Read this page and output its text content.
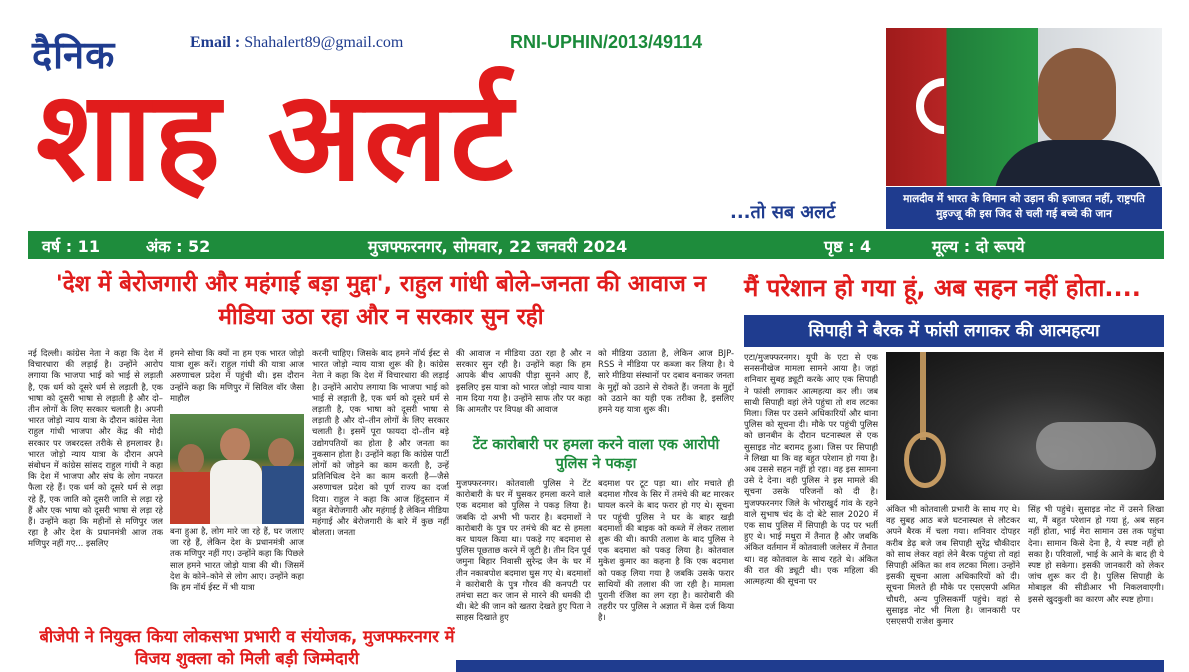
दैनिक	Email : Shahalert89@gmail.com	RNI-UPHIN/2013/49114
शाह अलर्ट
...तो सब अलर्ट
मालदीव में भारत के विमान को उड़ान की इजाजत नहीं, राष्ट्रपति मुइज्जू की इस जिद से चली गई बच्चे की जान
वर्ष : 11	अंक : 52	मुजफ्फरनगर, सोमवार, 22 जनवरी 2024	पृष्ठ : 4	मूल्य : दो रूपये
'देश में बेरोजगारी और महंगाई बड़ा मुद्दा', राहुल गांधी बोले–जनता की आवाज न मीडिया उठा रहा और न सरकार सुन रही
नई दिल्ली। कांग्रेस नेता ने कहा कि देश में विचारधारा की लड़ाई है। उन्होंने आरोप लगाया कि भाजपा भाई को भाई से लड़ाती है, एक धर्म को दूसरे धर्म से लड़ाती है, एक भाषा को दूसरी भाषा से लड़ाती है और दो–तीन लोगों के लिए सरकार चलाती है। अपनी भारत जोड़ो न्याय यात्रा के दौरान कांग्रेस नेता राहुल गांधी भाजपा और केंद्र की मोदी सरकार पर जबरदस्त तरीके से हमलावर है। भारत जोड़ो न्याय यात्रा के दौरान अपने संबोधन में कांग्रेस सांसद राहुल गांधी ने कहा कि देश में भाजपा और संघ के लोग नफरत फैला रहे हैं। एक धर्म को दूसरे धर्म से लड़ा रहे हैं, एक जाति को दूसरी जाति से लड़ा रहे हैं और एक भाषा को दूसरी भाषा से लड़ा रहे हैं। उन्होंने कहा कि महीनों से मणिपुर जल रहा है और देश के प्रधानमंत्री आज तक मणिपुर नहीं गए... इसलिए
हमने सोचा कि क्यों ना हम एक भारत जोड़ो यात्रा शुरू करें। राहुल गांधी की यात्रा आज अरुणाचल प्रदेश में पहुंची थी। इस दौरान उन्होंने कहा कि मणिपुर में सिविल वॉर जैसा माहौल
बना हुआ है, लोग मारे जा रहे हैं, घर जलाए जा रहे हैं, लेकिन देश के प्रधानमंत्री आज तक मणिपुर नहीं गए। उन्होंने कहा कि पिछले साल हमने भारत जोड़ो यात्रा की थी। जिसमें देश के कोने–कोने से लोग आए। उन्होंने कहा कि हम नॉर्थ ईस्ट में भी यात्रा
करनी चाहिए। जिसके बाद हमने नॉर्थ ईस्ट से भारत जोड़ो न्याय यात्रा शुरू की है। कांग्रेस नेता ने कहा कि देश में विचारधारा की लड़ाई है। उन्होंने आरोप लगाया कि भाजपा भाई को भाई से लड़ाती है, एक धर्म को दूसरे धर्म से लड़ाती है, एक भाषा को दूसरी भाषा से लड़ाती है और दो–तीन लोगों के लिए सरकार चलाती है। इसमें पूरा फायदा दो–तीन बड़े उद्योगपतियों का होता है और जनता का नुकसान होता है। उन्होंने कहा कि कांग्रेस पार्टी लोगों को जोड़ने का काम करती है, उन्हें प्रतिनिधित्व देने का काम करती है—जैसे अरुणाचल प्रदेश को पूर्ण राज्य का दर्जा दिया। राहुल ने कहा कि आज हिंदुस्तान में बहुत बेरोजगारी और महंगाई है लेकिन मीडिया महंगाई और बेरोजगारी के बारे में कुछ नहीं बोलता। जनता
की आवाज न मीडिया उठा रहा है और न सरकार सुन रही है। उन्होंने कहा कि हम आपके बीच आपकी पीड़ा सुनने आए हैं, इसलिए इस यात्रा को भारत जोड़ो न्याय यात्रा नाम दिया गया है। उन्होंने साफ तौर पर कहा कि आमतौर पर विपक्ष की आवाज
को मीडिया उठाता है, लेकिन आज BJP-RSS ने मीडिया पर कब्जा कर लिया है। ये सारे मीडिया संस्थानों पर दबाव बनाकर जनता के मुद्दों को उठाने से रोकते हैं। जनता के मुद्दों को उठाने का यही एक तरीका है, इसलिए हमने यह यात्रा शुरू की।
टेंट कारोबारी पर हमला करने वाला एक आरोपी पुलिस ने पकड़ा
मुजफ्फरनगर। कोतवाली पुलिस ने टेंट कारोबारी के घर में घुसकर हमला करने वाले एक बदमाश को पुलिस ने पकड़ लिया है। जबकि दो अभी भी फरार है। बदमाशों ने कारोबारी के पुत्र पर तमंचे की बट से हमला कर घायल किया था। पकड़े गए बदमाश से पुलिस पूछताछ करने में जुटी है। तीन दिन पूर्व जमुना बिहार निवासी सुरेन्द्र जैन के घर में तीन नकाबपोश बदमाश घुस गए थे। बदमाशों ने कारोबारी के पुत्र गौरव की कनपटी पर तमंचा सटा कर जान से मारने की धमकी दी थी। बेटे की जान को खतरा देखते हुए पिता ने साहस दिखाते हुए
बदमाश पर टूट पड़ा था। शोर मचाते ही बदमाश गौरव के सिर में तमंचे की बट मारकर घायल करने के बाद फरार हो गए थे। सूचना पर पहुंची पुलिस ने घर के बाहर खड़ी बदमाशों की बाइक को कब्जे में लेकर तलाश शुरू की थी। काफी तलाश के बाद पुलिस ने एक बदमाश को पकड़ लिया है। कोतवाल मुकेश कुमार का कहना है कि एक बदमाश को पकड़ लिया गया है जबकि उसके फरार साथियों की तलाश की जा रही है। मामला पुरानी रंजिश का लग रहा है। कारोबारी की तहरीर पर पुलिस ने अज्ञात में केस दर्ज किया है।
बीजेपी ने नियुक्त किया लोकसभा प्रभारी व संयोजक, मुजफ्फरनगर में विजय शुक्ला को मिली बड़ी जिम्मेदारी
मैं परेशान हो गया हूं, अब सहन नहीं होता....
सिपाही ने बैरक में फांसी लगाकर की आत्महत्या
एटा/मुजफ्फरनगर। यूपी के एटा से एक सनसनीखेज मामला सामने आया है। जहां शनिवार सुबह ड्यूटी करके आए एक सिपाही ने फांसी लगाकर आत्महत्या कर ली। जब साथी सिपाही वहां लेने पहुंचा तो शव लटका मिला। जिस पर उसने अधिकारियों और थाना पुलिस को सूचना दी। मौके पर पहुंची पुलिस को छानबीन के दौरान घटनास्थल से एक सुसाइड नोट बरामद हुआ। जिस पर सिपाही ने लिखा था कि वह बहुत परेशान हो गया है। अब उससे सहन नहीं हो रहा। वह इस सामना उसे दे देना। वही पुलिस ने इस मामले की सूचना उसके परिजनों को दी है। मुजफ्फरनगर जिले के भोराखुर्द गांव के रहने वाले सुभाष चंद के दो बेटे साल 2020 में एक साथ पुलिस में सिपाही के पद पर भर्ती हुए थे। भाई मथुरा में तैनात है और जबकि अंकित वर्तमान में कोतवाली जलेसर में तैनात था। वह कोतवाल के साथ रहते थे। अंकित की रात की ड्यूटी थी। एक महिला की आत्महत्या की सूचना पर
अंकित भी कोतवाली प्रभारी के साथ गए थे। वह सुबह आठ बजे घटनास्थल से लौटकर अपने बैरक में चला गया। शनिवार दोपहर करीब डेढ़ बजे जब सिपाही सुरेंद्र चौकीदार को साथ लेकर वहां लेने बैरक पहुंचा तो वहां सिपाही अंकित का शव लटका मिला। उन्होंने इसकी सूचना आला अधिकारियों को दी। सूचना मिलते ही मौके पर एसएसपी अमित चौधरी, अन्य पुलिसकर्मी पहुंचे। वहां से सुसाइड नोट भी मिला है। जानकारी पर एसएसपी राजेश कुमार
सिंह भी पहुंचे। सुसाइड नोट में उसने लिखा था, मैं बहुत परेशान हो गया हूं, अब सहन नहीं होता, भाई मेरा सामान उस तक पहुंचा देना। सामान किसे देना है, ये स्पष्ट नहीं हो सका है। परिवालों, भाई के आने के बाद ही ये स्पष्ट हो सकेगा। इसकी जानकारी को लेकर जांच शुरू कर दी है। पुलिस सिपाही के मोबाइल की सीडीआर भी निकलवाएगी। इससे खुदकुशी का कारण और स्पष्ट होगा।
